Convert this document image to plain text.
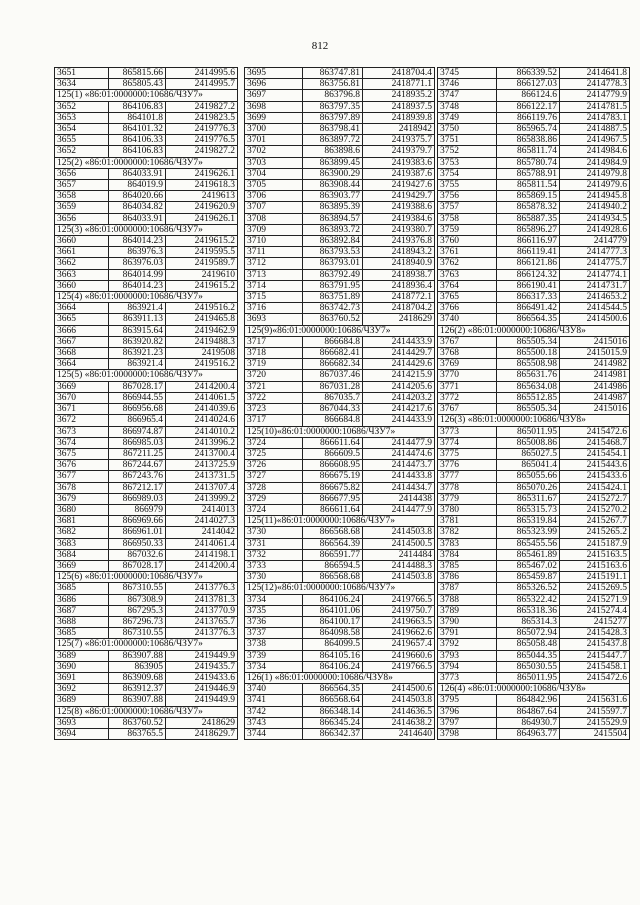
812
3651	865815.66	2414995.6
3634	865805.43	2414995.7
125(1) «86:01:0000000:10686/ЧЗУ7»		
3652	864106.83	2419827.2
3653	864101.8	2419823.5
3654	864101.32	2419776.3
3655	864106.33	2419776.5
3652	864106.83	2419827.2
125(2) «86:01:0000000:10686/ЧЗУ7»		
3656	864033.91	2419626.1
3657	864019.9	2419618.3
3658	864020.66	2419613
3659	864034.82	2419620.9
3656	864033.91	2419626.1
125(3) «86:01:0000000:10686/ЧЗУ7»		
3660	864014.23	2419615.2
3661	863976.3	2419595.5
3662	863976.03	2419589.7
3663	864014.99	2419610
3660	864014.23	2419615.2
125(4) «86:01:0000000:10686/ЧЗУ7»		
3664	863921.4	2419516.2
3665	863911.13	2419465.8
3666	863915.64	2419462.9
3667	863920.82	2419488.3
3668	863921.23	2419508
3664	863921.4	2419516.2
125(5) «86:01:0000000:10686/ЧЗУ7»		
3669	867028.17	2414200.4
3670	866944.55	2414061.5
3671	866956.68	2414039.6
3672	866965.4	2414024.6
3673	866974.87	2414010.2
3674	866985.03	2413996.2
3675	867211.25	2413700.4
3676	867244.67	2413725.9
3677	867243.76	2413731.5
3678	867212.17	2413707.4
3679	866989.03	2413999.2
3680	866979	2414013
3681	866969.66	2414027.3
3682	866961.01	2414042
3683	866950.33	2414061.4
3684	867032.6	2414198.1
3669	867028.17	2414200.4
125(6) «86:01:0000000:10686/ЧЗУ7»		
3685	867310.55	2413776.3
3686	867308.9	2413781.3
3687	867295.3	2413770.9
3688	867296.73	2413765.7
3685	867310.55	2413776.3
125(7) «86:01:0000000:10686/ЧЗУ7»		
3689	863907.88	2419449.9
3690	863905	2419435.7
3691	863909.68	2419433.6
3692	863912.37	2419446.9
3689	863907.88	2419449.9
125(8) «86:01:0000000:10686/ЧЗУ7»		
3693	863760.52	2418629
3694	863765.5	2418629.7
3695	863747.81	2418704.4
3696	863756.81	2418771.1
3697	863796.8	2418935.2
3698	863797.35	2418937.5
3699	863797.89	2418939.8
3700	863798.41	2418942
3701	863897.72	2419375.7
3702	863898.6	2419379.7
3703	863899.45	2419383.6
3704	863900.29	2419387.6
3705	863908.44	2419427.6
3706	863903.77	2419429.7
3707	863895.39	2419388.6
3708	863894.57	2419384.6
3709	863893.72	2419380.7
3710	863892.84	2419376.8
3711	863793.53	2418943.2
3712	863793.01	2418940.9
3713	863792.49	2418938.7
3714	863791.95	2418936.4
3715	863751.89	2418772.1
3716	863742.73	2418704.2
3693	863760.52	2418629
125(9)«86:01:0000000:10686/ЧЗУ7»		
3717	866684.8	2414433.9
3718	866682.41	2414429.7
3719	866682.34	2414429.6
3720	867037.46	2414215.9
3721	867031.28	2414205.6
3722	867035.7	2414203.2
3723	867044.33	2414217.6
3717	866684.8	2414433.9
125(10)«86:01:0000000:10686/ЧЗУ7»		
3724	866611.64	2414477.9
3725	866609.5	2414474.6
3726	866608.95	2414473.7
3727	866675.19	2414433.8
3728	866675.82	2414434.7
3729	866677.95	2414438
3724	866611.64	2414477.9
125(11)«86:01:0000000:10686/ЧЗУ7»		
3730	866568.68	2414503.8
3731	866564.39	2414500.5
3732	866591.77	2414484
3733	866594.5	2414488.3
3730	866568.68	2414503.8
125(12)«86:01:0000000:10686/ЧЗУ7»		
3734	864106.24	2419766.5
3735	864101.06	2419750.7
3736	864100.17	2419663.5
3737	864098.58	2419662.6
3738	864099.5	2419657.4
3739	864105.16	2419660.6
3734	864106.24	2419766.5
126(1) «86:01:0000000:10686/ЧЗУ8»		
3740	866564.35	2414500.6
3741	866568.64	2414503.8
3742	866348.14	2414636.5
3743	866345.24	2414638.2
3744	866342.37	2414640
3745	866339.52	2414641.8
3746	866127.03	2414778.3
3747	866124.6	2414779.9
3748	866122.17	2414781.5
3749	866119.76	2414783.1
3750	865965.74	2414887.5
3751	865838.86	2414967.5
3752	865811.74	2414984.6
3753	865780.74	2414984.9
3754	865788.91	2414979.8
3755	865811.54	2414979.6
3756	865869.15	2414945.8
3757	865878.32	2414940.2
3758	865887.35	2414934.5
3759	865896.27	2414928.6
3760	866116.97	2414779
3761	866119.41	2414777.3
3762	866121.86	2414775.7
3763	866124.32	2414774.1
3764	866190.41	2414731.7
3765	866317.33	2414653.2
3766	866491.42	2414544.5
3740	866564.35	2414500.6
126(2) «86:01:0000000:10686/ЧЗУ8»		
3767	865505.34	2415016
3768	865500.18	2415015.9
3769	865508.98	2414982
3770	865631.76	2414981
3771	865634.08	2414986
3772	865512.85	2414987
3767	865505.34	2415016
126(3) «86:01:0000000:10686/ЧЗУ8»		
3773	865011.95	2415472.6
3774	865008.86	2415468.7
3775	865027.5	2415454.1
3776	865041.4	2415443.6
3777	865055.66	2415433.6
3778	865070.26	2415424.1
3779	865311.67	2415272.7
3780	865315.73	2415270.2
3781	865319.84	2415267.7
3782	865323.99	2415265.2
3783	865455.56	2415187.9
3784	865461.89	2415163.5
3785	865467.02	2415163.6
3786	865459.87	2415191.1
3787	865326.52	2415269.5
3788	865322.42	2415271.9
3789	865318.36	2415274.4
3790	865314.3	2415277
3791	865072.94	2415428.3
3792	865058.48	2415437.8
3793	865044.35	2415447.7
3794	865030.55	2415458.1
3773	865011.95	2415472.6
126(4) «86:01:0000000:10686/ЧЗУ8»		
3795	864842.96	2415631.6
3796	864867.64	2415597.7
3797	864930.7	2415529.9
3798	864963.77	2415504
